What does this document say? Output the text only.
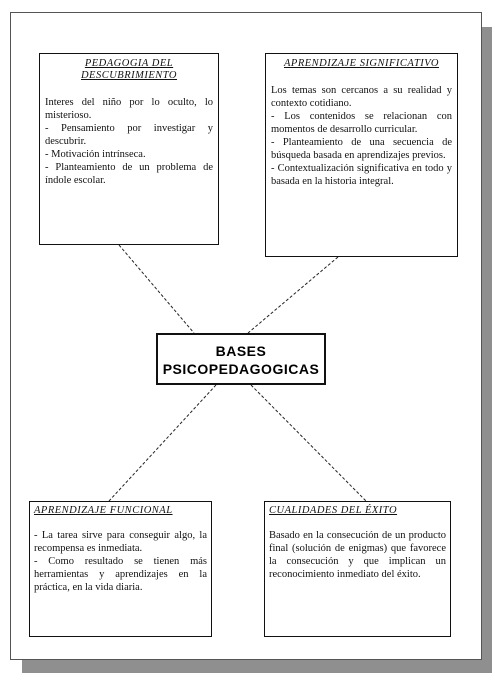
PEDAGOGIA DEL DESCUBRIMIENTO

Interes del niño por lo oculto, lo misterioso.

- Pensamiento por investigar y descubrir.

- Motivación intrínseca.

- Planteamiento de un problema de índole escolar.

APRENDIZAJE SIGNIFICATIVO

Los temas son cercanos a su realidad y contexto cotidiano.

- Los contenidos se relacionan con momentos de desarrollo curricular.

- Planteamiento de una secuencia de búsqueda basada en aprendizajes previos.

- Contextualización significativa en todo y basada en la historia integral.

BASES
PSICOPEDAGOGICAS
APRENDIZAJE FUNCIONAL

- La tarea sirve para conseguir algo, la recompensa es inmediata.

- Como resultado se tienen más herramientas y aprendizajes en la práctica, en la vida diaria.

CUALIDADES DEL ÉXITO

Basado en la consecución de un producto final (solución de enigmas) que favorece la consecución y que implican un reconocimiento inmediato del éxito.
